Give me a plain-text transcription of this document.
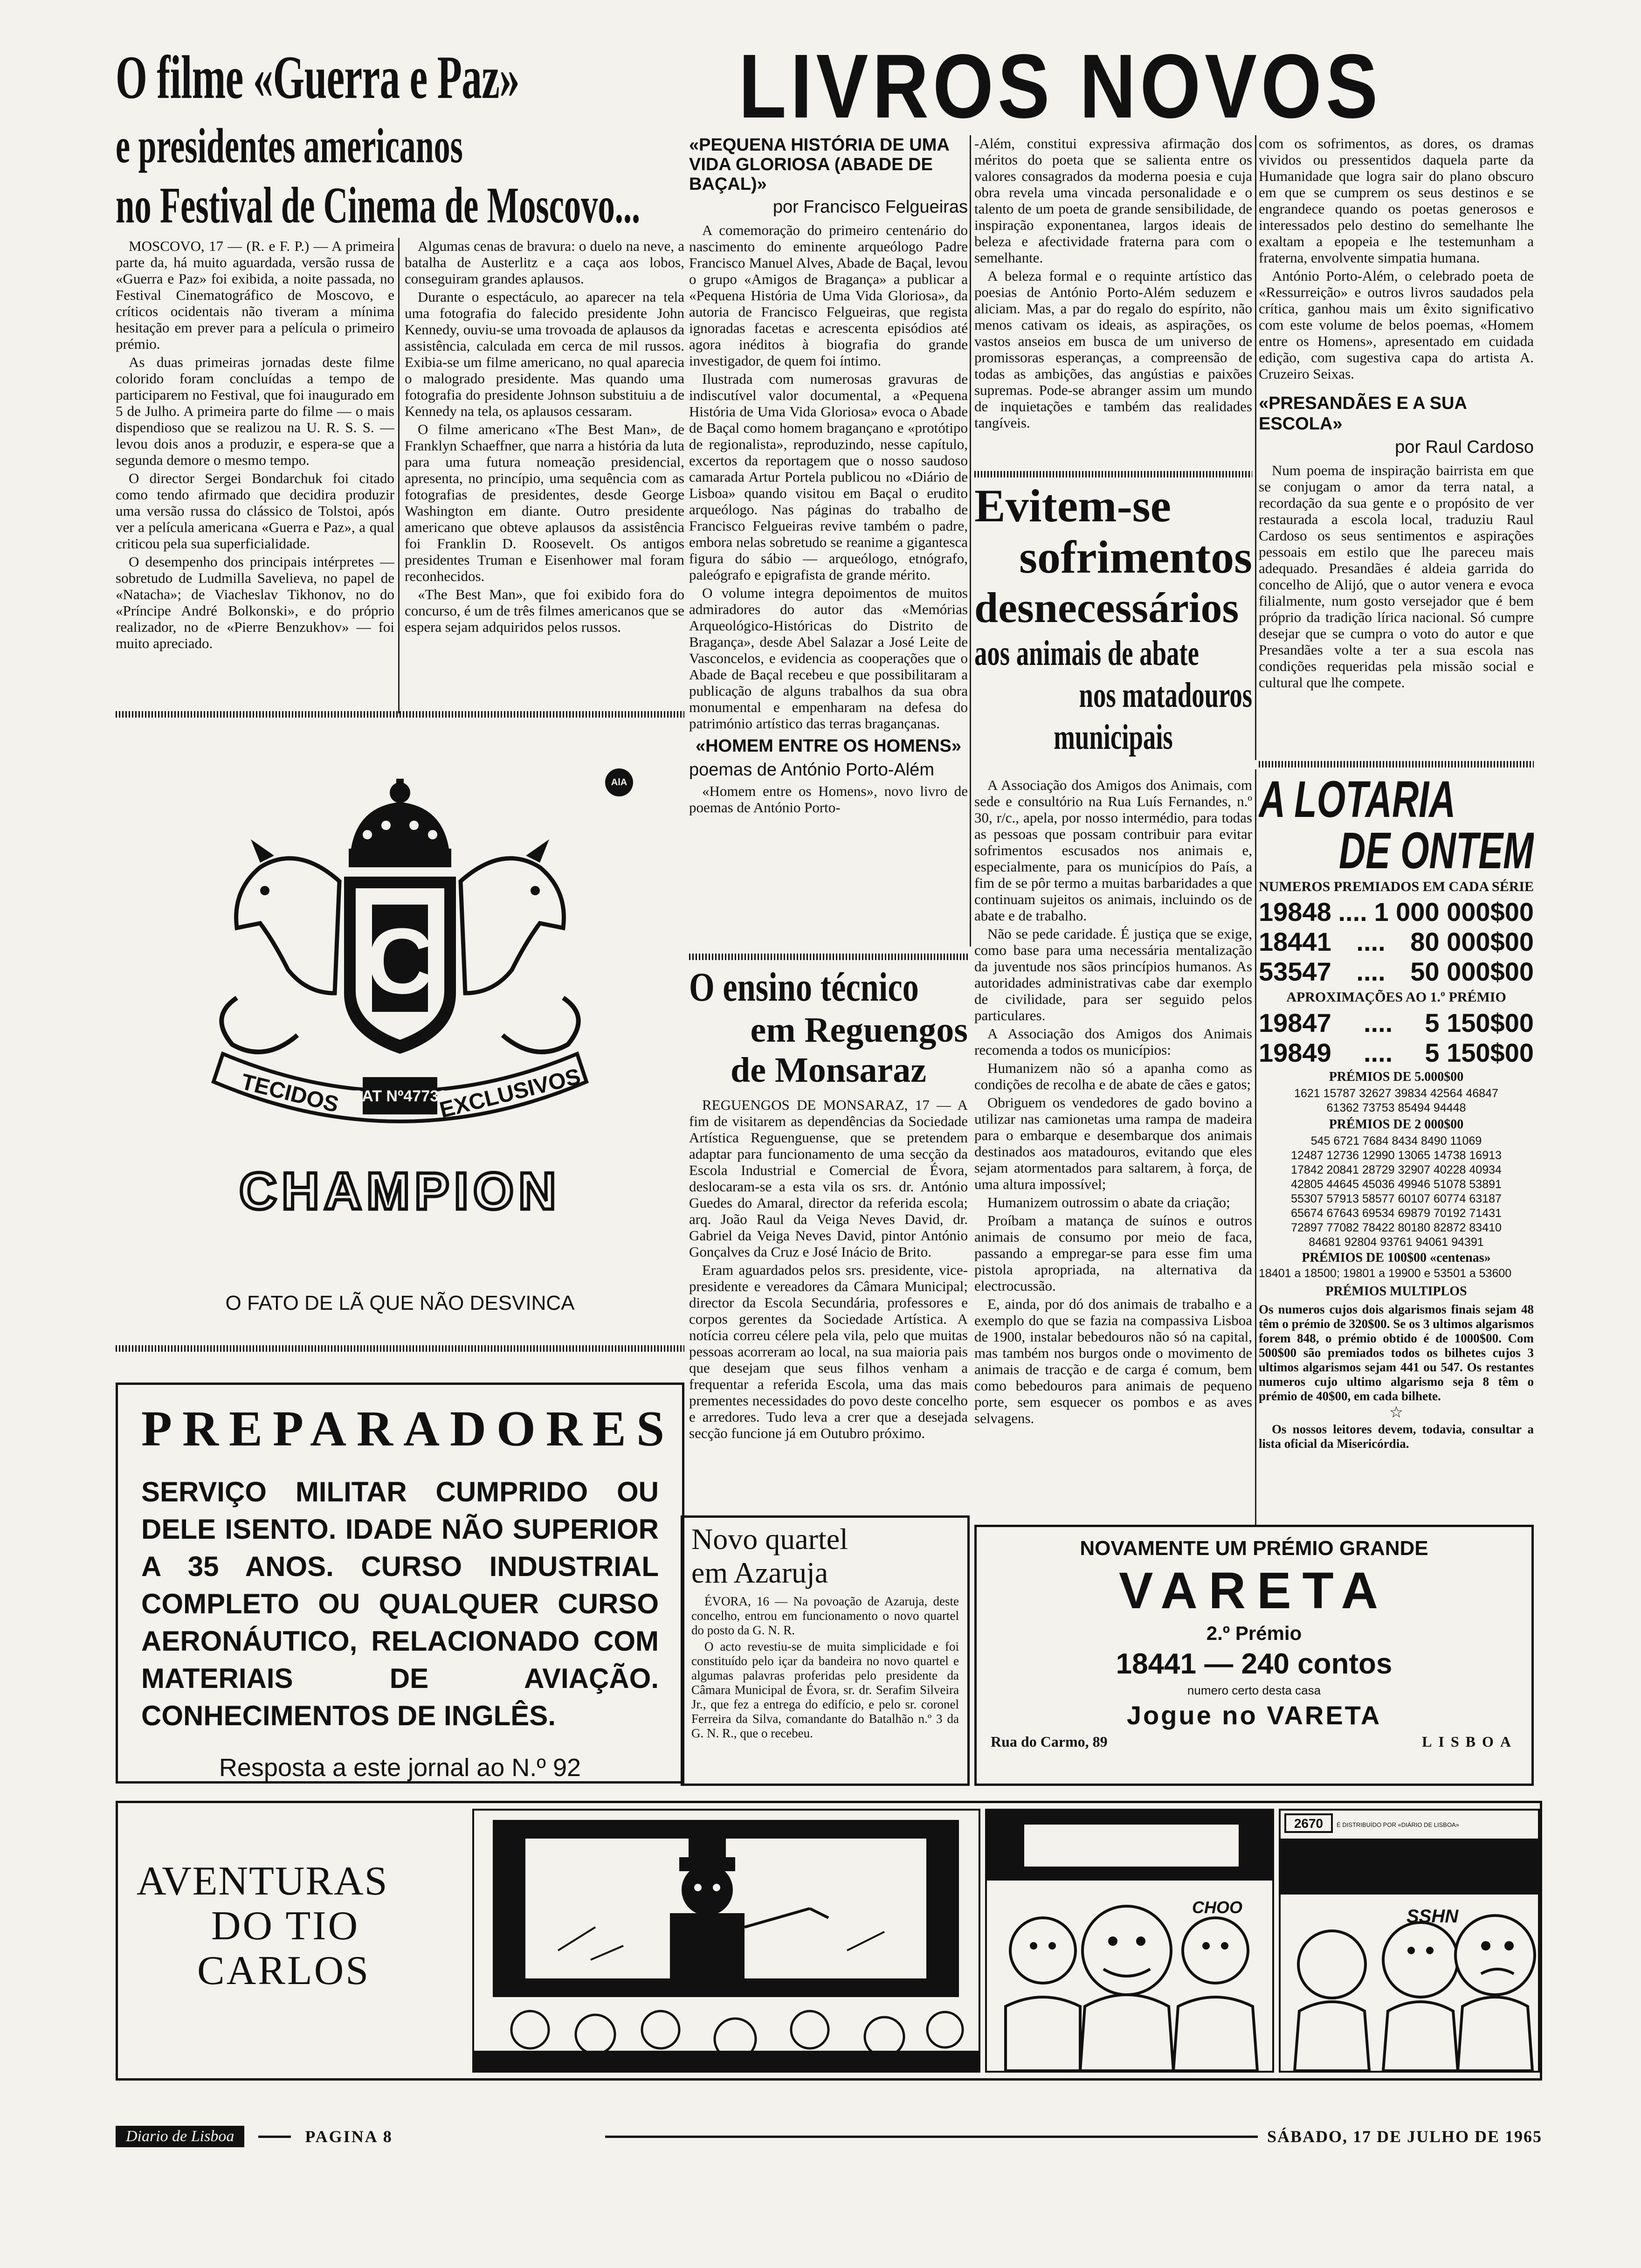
O filme «Guerra e Paz»
e presidentes americanos
no Festival de Cinema de Moscovo...

MOSCOVO, 17 — (R. e F. P.) — A primeira parte da, há muito aguardada, versão russa de «Guerra e Paz» foi exibida, a noite passada, no Festival Cinematográfico de Moscovo, e críticos ocidentais não tiveram a mínima hesitação em prever para a película o primeiro prémio.

As duas primeiras jornadas deste filme colorido foram concluídas a tempo de participarem no Festival, que foi inaugurado em 5 de Julho. A primeira parte do filme — o mais dispendioso que se realizou na U. R. S. S. — levou dois anos a produzir, e espera-se que a segunda demore o mesmo tempo.

O director Sergei Bondarchuk foi citado como tendo afirmado que decidira produzir uma versão russa do clássico de Tolstoi, após ver a película americana «Guerra e Paz», a qual criticou pela sua superficialidade.

O desempenho dos principais intérpretes — sobretudo de Ludmilla Savelieva, no papel de «Natacha»; de Viacheslav Tikhonov, no do «Príncipe André Bolkonski», e do próprio realizador, no de «Pierre Benzukhov» — foi muito apreciado.

Algumas cenas de bravura: o duelo na neve, a batalha de Austerlitz e a caça aos lobos, conseguiram grandes aplausos.

Durante o espectáculo, ao aparecer na tela uma fotografia do falecido presidente John Kennedy, ouviu-se uma trovoada de aplausos da assistência, calculada em cerca de mil russos. Exibia-se um filme americano, no qual aparecia o malogrado presidente. Mas quando uma fotografia do presidente Johnson substituiu a de Kennedy na tela, os aplausos cessaram.

O filme americano «The Best Man», de Franklyn Schaeffner, que narra a história da luta para uma futura nomeação presidencial, apresenta, no princípio, uma sequência com as fotografias de presidentes, desde George Washington em diante. Outro presidente americano que obteve aplausos da assistência foi Franklin D. Roosevelt. Os antigos presidentes Truman e Eisenhower mal foram reconhecidos.

«The Best Man», que foi exibido fora do concurso, é um de três filmes americanos que se espera sejam adquiridos pelos russos.

AlA
C
TECIDOS PAT Nº47738
EXCLUSIVOS
CHAMPION
O FATO DE LÃ QUE NÃO DESVINCA
PREPARADORES
SERVIÇO MILITAR CUMPRIDO OU DELE ISENTO. IDADE NÃO SUPERIOR A 35 ANOS. CURSO INDUSTRIAL COMPLETO OU QUALQUER CURSO AERONÁUTICO, RELACIONADO COM MATERIAIS DE AVIAÇÃO. CONHECIMENTOS DE INGLÊS.
Resposta a este jornal ao N.º 92
LIVROS NOVOS
«PEQUENA HISTÓRIA DE UMA VIDA GLORIOSA (ABADE DE BAÇAL)»
por Francisco Felgueiras

A comemoração do primeiro centenário do nascimento do eminente arqueólogo Padre Francisco Manuel Alves, Abade de Baçal, levou o grupo «Amigos de Bragança» a publicar a «Pequena História de Uma Vida Gloriosa», da autoria de Francisco Felgueiras, que regista ignoradas facetas e acrescenta episódios até agora inéditos à biografia do grande investigador, de quem foi íntimo.

Ilustrada com numerosas gravuras de indiscutível valor documental, a «Pequena História de Uma Vida Gloriosa» evoca o Abade de Baçal como homem bragançano e «protótipo de regionalista», reproduzindo, nesse capítulo, excertos da reportagem que o nosso saudoso camarada Artur Portela publicou no «Diário de Lisboa» quando visitou em Baçal o erudito arqueólogo. Nas páginas do trabalho de Francisco Felgueiras revive também o padre, embora nelas sobretudo se reanime a gigantesca figura do sábio — arqueólogo, etnógrafo, paleógrafo e epigrafista de grande mérito.

O volume integra depoimentos de muitos admiradores do autor das «Memórias Arqueológico-Históricas do Distrito de Bragança», desde Abel Salazar a José Leite de Vasconcelos, e evidencia as cooperações que o Abade de Baçal recebeu e que possibilitaram a publicação de alguns trabalhos da sua obra monumental e empenharam na defesa do património artístico das terras bragançanas.

«HOMEM ENTRE OS HOMENS»
poemas de António Porto-Além

«Homem entre os Homens», novo livro de poemas de António Porto-

-Além, constitui expressiva afirmação dos méritos do poeta que se salienta entre os valores consagrados da moderna poesia e cuja obra revela uma vincada personalidade e o talento de um poeta de grande sensibilidade, de inspiração exponentanea, largos ideais de beleza e afectividade fraterna para com o semelhante.

A beleza formal e o requinte artístico das poesias de António Porto-Além seduzem e aliciam. Mas, a par do regalo do espírito, não menos cativam os ideais, as aspirações, os vastos anseios em busca de um universo de promissoras esperanças, a compreensão de todas as ambições, das angústias e paixões supremas. Pode-se abranger assim um mundo de inquietações e também das realidades tangíveis.

com os sofrimentos, as dores, os dramas vividos ou pressentidos daquela parte da Humanidade que logra sair do plano obscuro em que se cumprem os seus destinos e se engrandece quando os poetas generosos e interessados pelo destino do semelhante lhe exaltam a epopeia e lhe testemunham a fraterna, envolvente simpatia humana.

António Porto-Além, o celebrado poeta de «Ressurreição» e outros livros saudados pela crítica, ganhou mais um êxito significativo com este volume de belos poemas, «Homem entre os Homens», apresentado em cuidada edição, com sugestiva capa do artista A. Cruzeiro Seixas.

«PRESANDÃES E A SUA ESCOLA»
por Raul Cardoso

Num poema de inspiração bairrista em que se conjugam o amor da terra natal, a recordação da sua gente e o propósito de ver restaurada a escola local, traduziu Raul Cardoso os seus sentimentos e aspirações pessoais em estilo que lhe pareceu mais adequado. Presandães é aldeia garrida do concelho de Alijó, que o autor venera e evoca filialmente, num gosto versejador que é bem próprio da tradição lírica nacional. Só cumpre desejar que se cumpra o voto do autor e que Presandães volte a ter a sua escola nas condições requeridas pela missão social e cultural que lhe compete.

Evitem-se
sofrimentos
desnecessários
aos animais de abate
nos matadouros
municipais

A Associação dos Amigos dos Animais, com sede e consultório na Rua Luís Fernandes, n.º 30, r/c., apela, por nosso intermédio, para todas as pessoas que possam contribuir para evitar sofrimentos escusados nos animais e, especialmente, para os municípios do País, a fim de se pôr termo a muitas barbaridades a que continuam sujeitos os animais, incluindo os de abate e de trabalho.

Não se pede caridade. É justiça que se exige, como base para uma necessária mentalização da juventude nos sãos princípios humanos. As autoridades administrativas cabe dar exemplo de civilidade, para ser seguido pelos particulares.

A Associação dos Amigos dos Animais recomenda a todos os municípios:

Humanizem não só a apanha como as condições de recolha e de abate de cães e gatos;

Obriguem os vendedores de gado bovino a utilizar nas camionetas uma rampa de madeira para o embarque e desembarque dos animais destinados aos matadouros, evitando que eles sejam atormentados para saltarem, à força, de uma altura impossível;

Humanizem outrossim o abate da criação;

Proíbam a matança de suínos e outros animais de consumo por meio de faca, passando a empregar-se para esse fim uma pistola apropriada, na alternativa da electrocussão.

E, ainda, por dó dos animais de trabalho e a exemplo do que se fazia na compassiva Lisboa de 1900, instalar bebedouros não só na capital, mas também nos burgos onde o movimento de animais de tracção e de carga é comum, bem como bebedouros para animais de pequeno porte, sem esquecer os pombos e as aves selvagens.

O ensino técnico
em Reguengos
de Monsaraz

REGUENGOS DE MONSARAZ, 17 — A fim de visitarem as dependências da Sociedade Artística Reguenguense, que se pretendem adaptar para funcionamento de uma secção da Escola Industrial e Comercial de Évora, deslocaram-se a esta vila os srs. dr. António Guedes do Amaral, director da referida escola; arq. João Raul da Veiga Neves David, dr. Gabriel da Veiga Neves David, pintor António Gonçalves da Cruz e José Inácio de Brito.

Eram aguardados pelos srs. presidente, vice-presidente e vereadores da Câmara Municipal; director da Escola Secundária, professores e corpos gerentes da Sociedade Artística. A notícia correu célere pela vila, pelo que muitas pessoas acorreram ao local, na sua maioria pais que desejam que seus filhos venham a frequentar a referida Escola, uma das mais prementes necessidades do povo deste concelho e arredores. Tudo leva a crer que a desejada secção funcione já em Outubro próximo.

Novo quartel
em Azaruja

ÉVORA, 16 — Na povoação de Azaruja, deste concelho, entrou em funcionamento o novo quartel do posto da G. N. R.

O acto revestiu-se de muita simplicidade e foi constituído pelo içar da bandeira no novo quartel e algumas palavras proferidas pelo presidente da Câmara Municipal de Évora, sr. dr. Serafim Silveira Jr., que fez a entrega do edifício, e pelo sr. coronel Ferreira da Silva, comandante do Batalhão n.º 3 da G. N. R., que o recebeu.

A LOTARIA
DE ONTEM
NUMEROS PREMIADOS EM CADA SÉRIE
19848 .... 1 000 000$00
18441 .... 80 000$00
53547 .... 50 000$00
APROXIMAÇÕES AO 1.º PRÉMIO
19847 .... 5 150$00
19849 .... 5 150$00
PRÉMIOS DE 5.000$00
1621 15787 32627 39834 42564 46847
61362 73753 85494 94448
PRÉMIOS DE 2 000$00
545 6721 7684 8434 8490 11069
12487 12736 12990 13065 14738 16913
17842 20841 28729 32907 40228 40934
42805 44645 45036 49946 51078 53891
55307 57913 58577 60107 60774 63187
65674 67643 69534 69879 70192 71431
72897 77082 78422 80180 82872 83410
84681 92804 93761 94061 94391
PRÉMIOS DE 100$00 «centenas»
18401 a 18500; 19801 a 19900 e 53501 a 53600
PRÉMIOS MULTIPLOS
Os numeros cujos dois algarismos finais sejam 48 têm o prémio de 320$00. Se os 3 ultimos algarismos forem 848, o prémio obtido é de 1000$00. Com 500$00 são premiados todos os bilhetes cujos 3 ultimos algarismos sejam 441 ou 547. Os restantes numeros cujo ultimo algarismo seja 8 têm o prémio de 40$00, em cada bilhete.
☆
Os nossos leitores devem, todavia, consultar a lista oficial da Misericórdia.
NOVAMENTE UM PRÉMIO GRANDE
VARETA
2.º Prémio
18441 — 240 contos
numero certo desta casa
Jogue no VARETA
Rua do Carmo, 89	LISBOA
AVENTURAS
DO TIO
CARLOS
CHOO
2670 É DISTRIBUÍDO POR «DIÁRIO DE LISBOA»
SSHN
Diario de Lisboa	PAGINA 8	SÁBADO, 17 DE JULHO DE 1965
